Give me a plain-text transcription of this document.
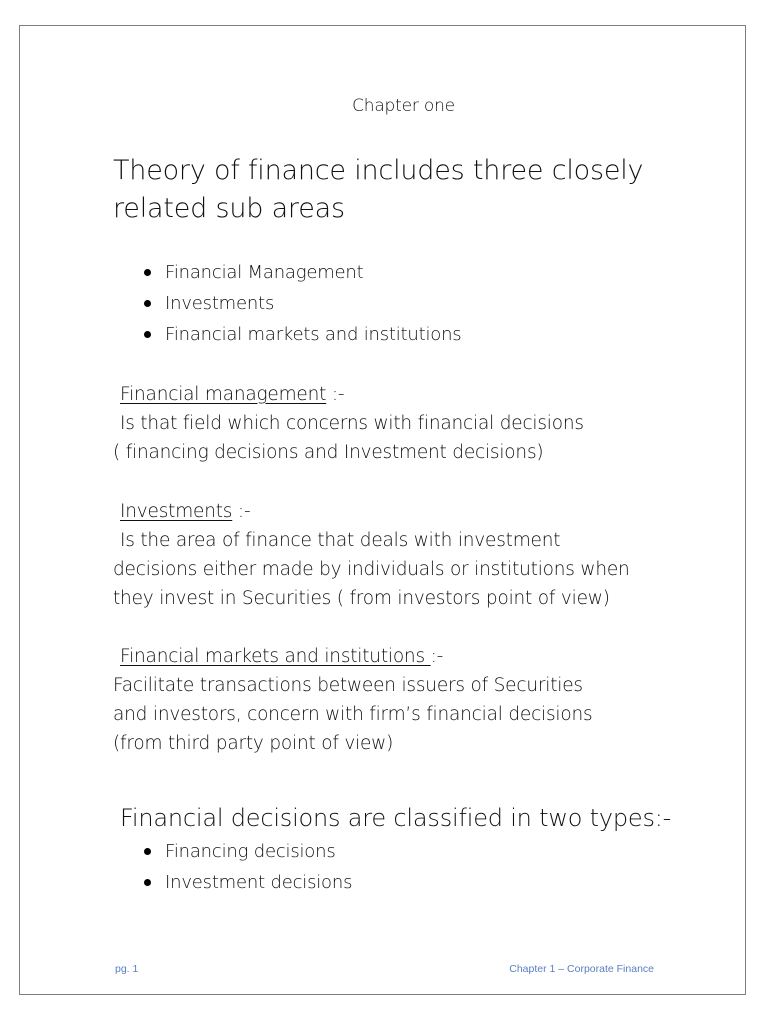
Chapter one
Theory of finance includes three closely related sub areas
Financial Management
Investments
Financial markets and institutions
Financial management :-
Is that field which concerns with financial decisions
( financing decisions and Investment decisions)
Investments :-
Is the area of finance that deals with investment
decisions either made by individuals or institutions when
they invest in Securities ( from investors point of view)
Financial markets and institutions :-
Facilitate transactions between issuers of Securities
and investors, concern with firm’s financial decisions
(from third party point of view)
Financial decisions are classified in two types:-
Financing decisions
Investment decisions
pg. 1	Chapter 1 – Corporate Finance
